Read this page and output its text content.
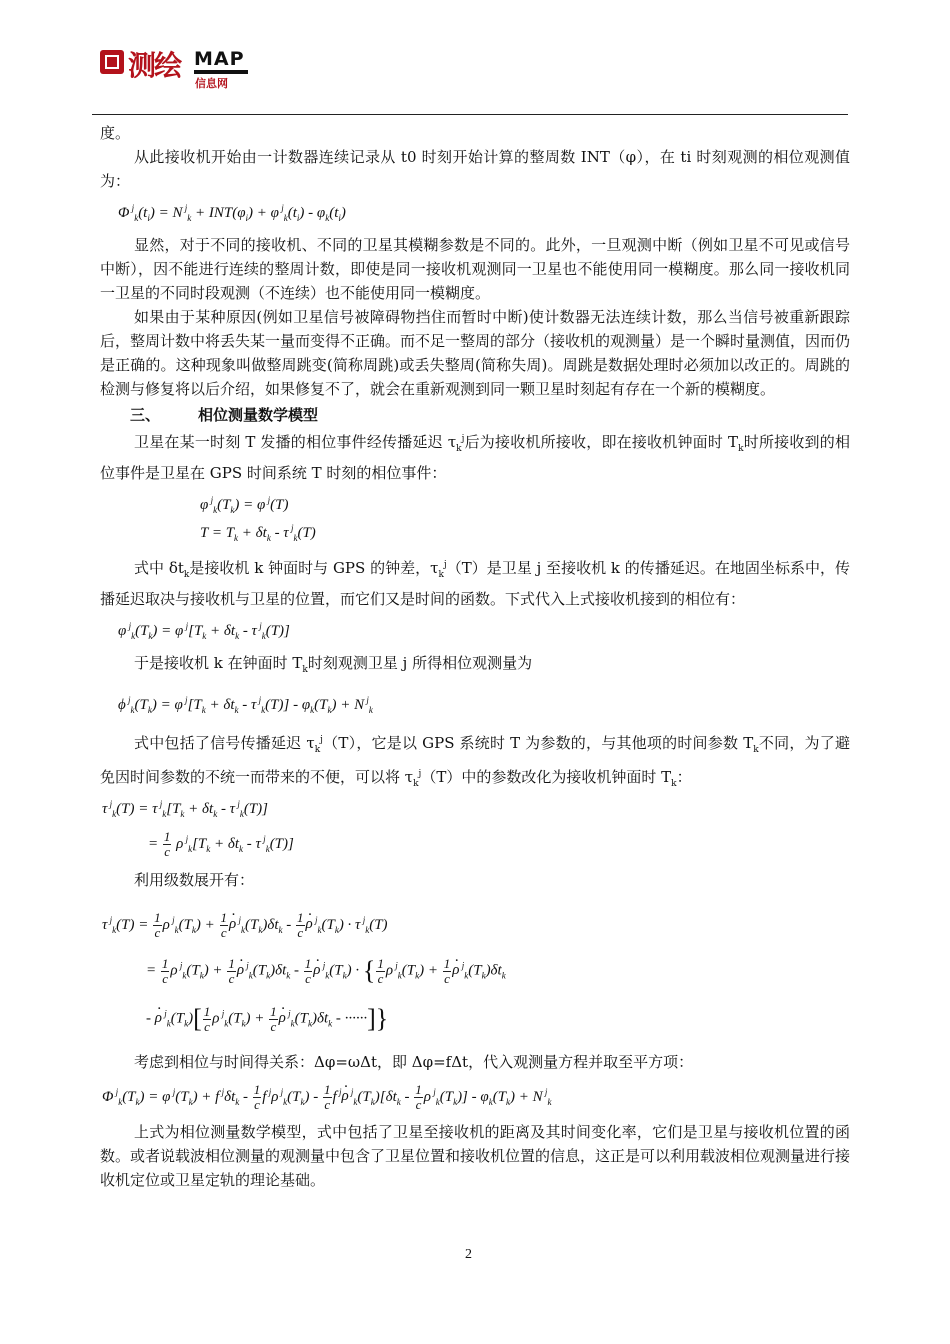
测绘 MAP
信息网

度。

从此接收机开始由一计数器连续记录从 t0 时刻开始计算的整周数 INT（φ），在 ti 时刻观测的相位观测值为：

Φ $^j_k(t_i) = N$ $^j_k + INT(\varphi_i) + \varphi$ $^j_k(t_i) - \varphi_k(t_i)$

显然，对于不同的接收机、不同的卫星其模糊参数是不同的。此外，一旦观测中断（例如卫星不可见或信号中断），因不能进行连续的整周计数，即使是同一接收机观测同一卫星也不能使用同一模糊度。那么同一接收机同一卫星的不同时段观测（不连续）也不能使用同一模糊度。

如果由于某种原因(例如卫星信号被障碍物挡住而暂时中断)使计数器无法连续计数，那么当信号被重新跟踪后，整周计数中将丢失某一量而变得不正确。而不足一整周的部分（接收机的观测量）是一个瞬时量测值，因而仍是正确的。这种现象叫做整周跳变(简称周跳)或丢失整周(简称失周)。周跳是数据处理时必须加以改正的。周跳的检测与修复将以后介绍，如果修复不了，就会在重新观测到同一颗卫星时刻起有存在一个新的模糊度。

三、	相位测量数学模型

卫星在某一时刻 T 发播的相位事件经传播延迟 $\tau_k^j$后为接收机所接收，即在接收机钟面时 $T_k$时所接收到的相位事件是卫星在 GPS 时间系统 T 时刻的相位事件：

φ $^j_k(T_k) = \varphi$ $^j$(T)
$T = T_k + \delta t_k - \tau$ $^j_k$(T)

式中 $\delta t_k$是接收机 k 钟面时与 GPS 的钟差，$\tau_k^j(T)$是卫星 j 至接收机 k 的传播延迟。在地固坐标系中，传播延迟取决与接收机与卫星的位置，而它们又是时间的函数。下式代入上式接收机接到的相位有：

φ $^j_k(T_k) = \varphi$ $^j[T_k + \delta t_k - \tau$ $^j_k$(T)]

于是接收机 k 在钟面时 $T_k$时刻观测卫星 j 所得相位观测量为

ϕ $^j_k(T_k) = \varphi$ $^j[T_k + \delta t_k - \tau$ $^j_k(T)] - \varphi_k(T_k) + N$ $^j_k$

式中包括了信号传播延迟 $\tau_k^j(T)$，它是以 GPS 系统时 T 为参数的，与其他项的时间参数 $T_k$不同，为了避免因时间参数的不统一而带来的不便，可以将 $\tau_k^j(T)$中的参数改化为接收机钟面时 $T_k$：

τ $^j_k$(T) = τ $^j_k[T_k + \delta t_k - \tau$ $^j_k$(T)]
= $\frac{1}{c}$ ρ $^j_k[T_k + \delta t_k - \tau$ $^j_k$(T)]

利用级数展开有：

τ $^j_k(T) = \frac{1}{c}$ ρ $^j_k(T_k) + \frac{1}{c}$
· ρ $^j_k(T_k)\delta t_k - \frac{1}{c}$
· ρ $^j_k(T_k) \cdot \tau$ $^j_k$(T)
= $\frac{1}{c}$ ρ $^j_k(T_k) + \frac{1}{c}$
· ρ $^j_k(T_k)\delta t_k - \frac{1}{c}$
· ρ $^j_k(T_k)$ · { $\frac{1}{c}$ ρ $^j_k(T_k) + \frac{1}{c}$
· ρ $^j_k(T_k)\delta t_k$
- · ρ $^j_k(T_k)[ \frac{1}{c}$ ρ $^j_k(T_k) + \frac{1}{c}$
· ρ $^j_k(T_k)\delta t_k$ - ······]}

考虑到相位与时间得关系：Δφ=ωΔt，即 Δφ=fΔt，代入观测量方程并取至平方项：

Φ $^j_k(T_k) = \varphi$ $^j(T_k) + f$ $^j\delta t_k - \frac{1}{c}$ f $^j$ρ $^j_k(T_k) - \frac{1}{c}$ f $^j$· ρ $^j_k(T_k)[\delta t_k - \frac{1}{c}$ ρ $^j_k(T_k)] - \varphi_k(T_k) + N$ $^j_k$

上式为相位测量数学模型，式中包括了卫星至接收机的距离及其时间变化率，它们是卫星与接收机位置的函数。或者说载波相位测量的观测量中包含了卫星位置和接收机位置的信息，这正是可以利用载波相位观测量进行接收机定位或卫星定轨的理论基础。

2
